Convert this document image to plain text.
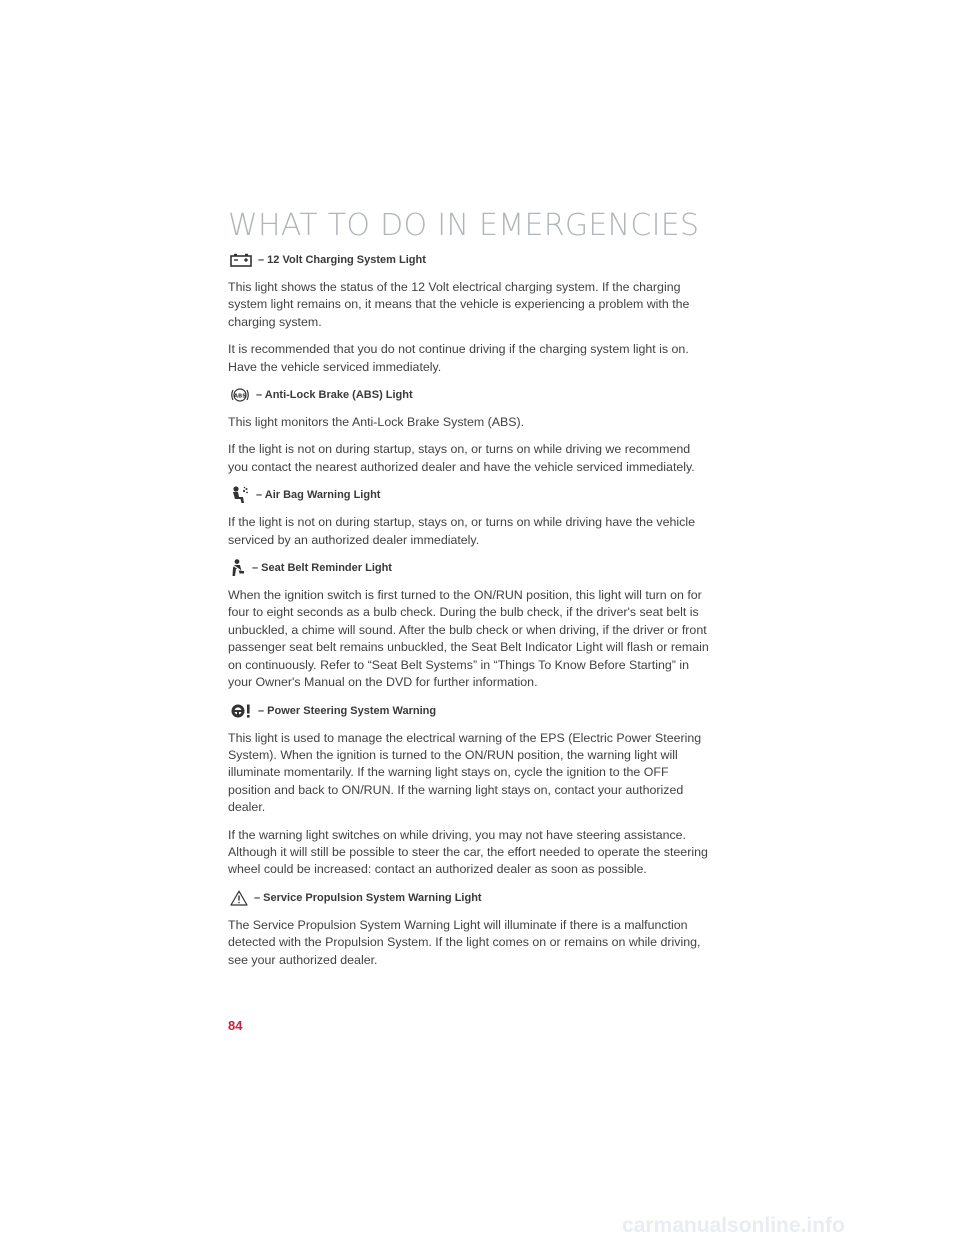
WHAT TO DO IN EMERGENCIES
– 12 Volt Charging System Light

This light shows the status of the 12 Volt electrical charging system. If the charging system light remains on, it means that the vehicle is experiencing a problem with the charging system.

It is recommended that you do not continue driving if the charging system light is on. Have the vehicle serviced immediately.

ABS – Anti-Lock Brake (ABS) Light

This light monitors the Anti-Lock Brake System (ABS).

If the light is not on during startup, stays on, or turns on while driving we recommend you contact the nearest authorized dealer and have the vehicle serviced immediately.

– Air Bag Warning Light

If the light is not on during startup, stays on, or turns on while driving have the vehicle serviced by an authorized dealer immediately.

– Seat Belt Reminder Light

When the ignition switch is first turned to the ON/RUN position, this light will turn on for four to eight seconds as a bulb check. During the bulb check, if the driver's seat belt is unbuckled, a chime will sound. After the bulb check or when driving, if the driver or front passenger seat belt remains unbuckled, the Seat Belt Indicator Light will flash or remain on continuously. Refer to “Seat Belt Systems” in “Things To Know Before Starting” in your Owner's Manual on the DVD for further information.

– Power Steering System Warning

This light is used to manage the electrical warning of the EPS (Electric Power Steering System). When the ignition is turned to the ON/RUN position, the warning light will illuminate momentarily. If the warning light stays on, cycle the ignition to the OFF position and back to ON/RUN. If the warning light stays on, contact your authorized dealer.

If the warning light switches on while driving, you may not have steering assistance. Although it will still be possible to steer the car, the effort needed to operate the steering wheel could be increased: contact an authorized dealer as soon as possible.

– Service Propulsion System Warning Light

The Service Propulsion System Warning Light will illuminate if there is a malfunction detected with the Propulsion System. If the light comes on or remains on while driving, see your authorized dealer.

84
carmanualsonline.info
